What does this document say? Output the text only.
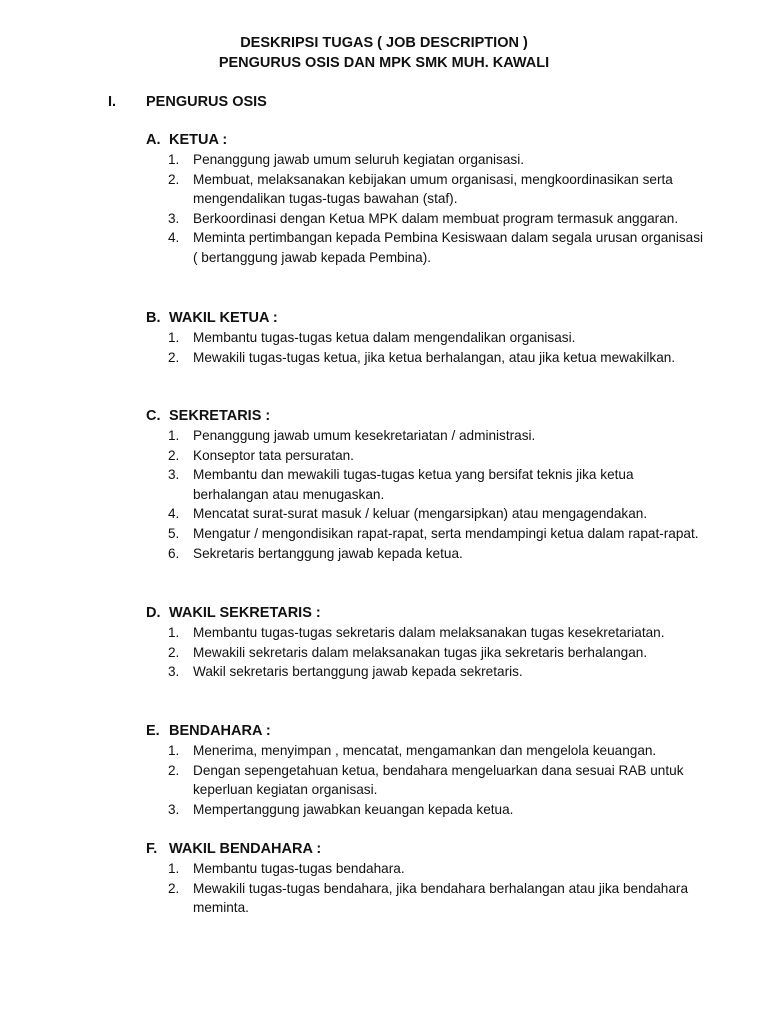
DESKRIPSI TUGAS ( JOB DESCRIPTION )
PENGURUS OSIS DAN MPK SMK MUH. KAWALI
I. PENGURUS OSIS
A. KETUA :
1. Penanggung jawab umum seluruh kegiatan organisasi.
2. Membuat, melaksanakan kebijakan umum organisasi, mengkoordinasikan serta mengendalikan tugas-tugas bawahan (staf).
3. Berkoordinasi dengan Ketua MPK dalam membuat program termasuk anggaran.
4. Meminta pertimbangan kepada Pembina Kesiswaan dalam segala urusan organisasi ( bertanggung jawab kepada Pembina).
B. WAKIL KETUA :
1. Membantu tugas-tugas ketua dalam mengendalikan organisasi.
2. Mewakili tugas-tugas ketua, jika ketua berhalangan, atau jika ketua mewakilkan.
C. SEKRETARIS :
1. Penanggung jawab umum kesekretariatan / administrasi.
2. Konseptor tata persuratan.
3. Membantu dan mewakili tugas-tugas ketua yang bersifat teknis jika ketua berhalangan atau menugaskan.
4. Mencatat surat-surat masuk / keluar (mengarsipkan) atau mengagendakan.
5. Mengatur / mengondisikan rapat-rapat, serta mendampingi ketua dalam rapat-rapat.
6. Sekretaris bertanggung jawab kepada ketua.
D. WAKIL SEKRETARIS :
1. Membantu tugas-tugas sekretaris dalam melaksanakan tugas kesekretariatan.
2. Mewakili sekretaris dalam melaksanakan tugas jika sekretaris berhalangan.
3. Wakil sekretaris bertanggung jawab kepada sekretaris.
E. BENDAHARA :
1. Menerima, menyimpan , mencatat, mengamankan dan mengelola keuangan.
2. Dengan sepengetahuan ketua, bendahara mengeluarkan dana sesuai RAB untuk keperluan kegiatan organisasi.
3. Mempertanggung jawabkan keuangan kepada ketua.
F. WAKIL BENDAHARA :
1. Membantu tugas-tugas bendahara.
2. Mewakili tugas-tugas bendahara, jika bendahara berhalangan atau jika bendahara meminta.
